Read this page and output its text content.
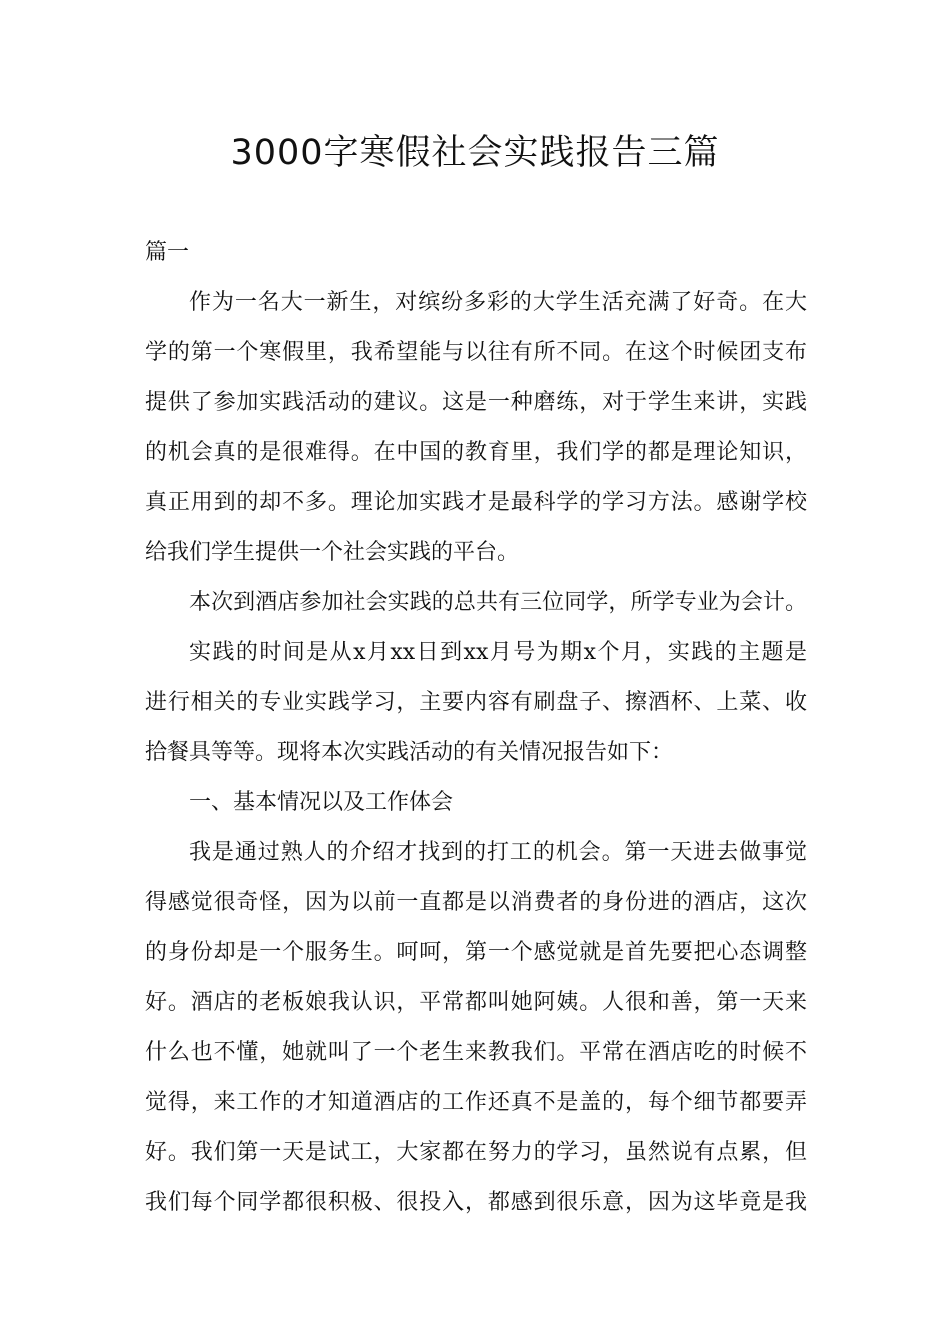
3000字寒假社会实践报告三篇
篇一
作为一名大一新生，对缤纷多彩的大学生活充满了好奇。在大
学的第一个寒假里，我希望能与以往有所不同。在这个时候团支布
提供了参加实践活动的建议。这是一种磨练，对于学生来讲，实践
的机会真的是很难得。在中国的教育里，我们学的都是理论知识，
真正用到的却不多。理论加实践才是最科学的学习方法。感谢学校
给我们学生提供一个社会实践的平台。
本次到酒店参加社会实践的总共有三位同学，所学专业为会计。
实践的时间是从x月xx日到xx月号为期x个月，实践的主题是
进行相关的专业实践学习，主要内容有刷盘子、擦酒杯、上菜、收
拾餐具等等。现将本次实践活动的有关情况报告如下：
一、基本情况以及工作体会
我是通过熟人的介绍才找到的打工的机会。第一天进去做事觉
得感觉很奇怪，因为以前一直都是以消费者的身份进的酒店，这次
的身份却是一个服务生。呵呵，第一个感觉就是首先要把心态调整
好。酒店的老板娘我认识，平常都叫她阿姨。人很和善，第一天来
什么也不懂，她就叫了一个老生来教我们。平常在酒店吃的时候不
觉得，来工作的才知道酒店的工作还真不是盖的，每个细节都要弄
好。我们第一天是试工，大家都在努力的学习，虽然说有点累，但
我们每个同学都很积极、很投入，都感到很乐意，因为这毕竟是我
